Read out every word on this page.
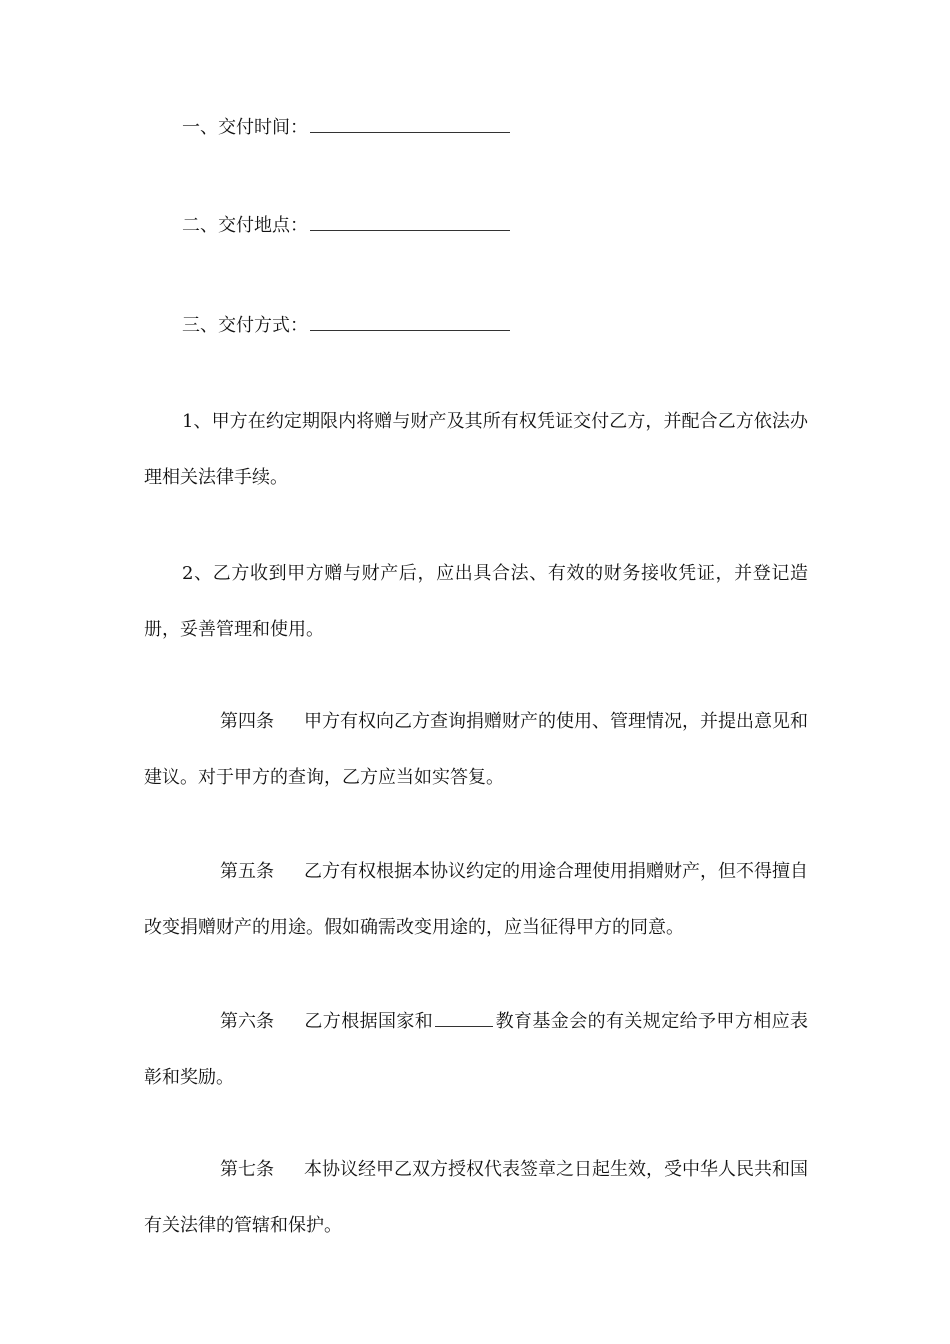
一、交付时间：
二、交付地点：
三、交付方式：
1、甲方在约定期限内将赠与财产及其所有权凭证交付乙方，并配合乙方依法办理相关法律手续。
2、乙方收到甲方赠与财产后，应出具合法、有效的财务接收凭证，并登记造册，妥善管理和使用。
第四条 甲方有权向乙方查询捐赠财产的使用、管理情况，并提出意见和建议。对于甲方的查询，乙方应当如实答复。
第五条 乙方有权根据本协议约定的用途合理使用捐赠财产，但不得擅自改变捐赠财产的用途。假如确需改变用途的，应当征得甲方的同意。
第六条 乙方根据国家和	教育基金会的有关规定给予甲方相应表彰和奖励。
第七条 本协议经甲乙双方授权代表签章之日起生效，受中华人民共和国有关法律的管辖和保护。
